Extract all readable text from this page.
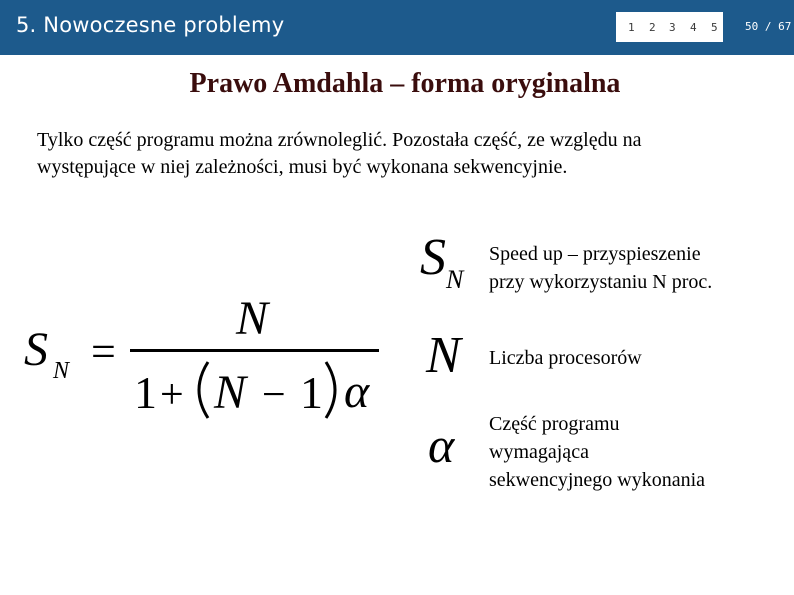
5. Nowoczesne problemy	1 2 3 4 5 50 / 67
Prawo Amdahla – forma oryginalna
Tylko część programu można zrównoleglić. Pozostała część, ze względu na
występujące w niej zależności, musi być wykonana sekwencyjnie.
S N =
N
1 + N − 1 α
$S_N$
N
α
Speed up – przyspieszenie
przy wykorzystaniu N proc.
Liczba procesorów
Część programu
wymagająca
sekwencyjnego wykonania
